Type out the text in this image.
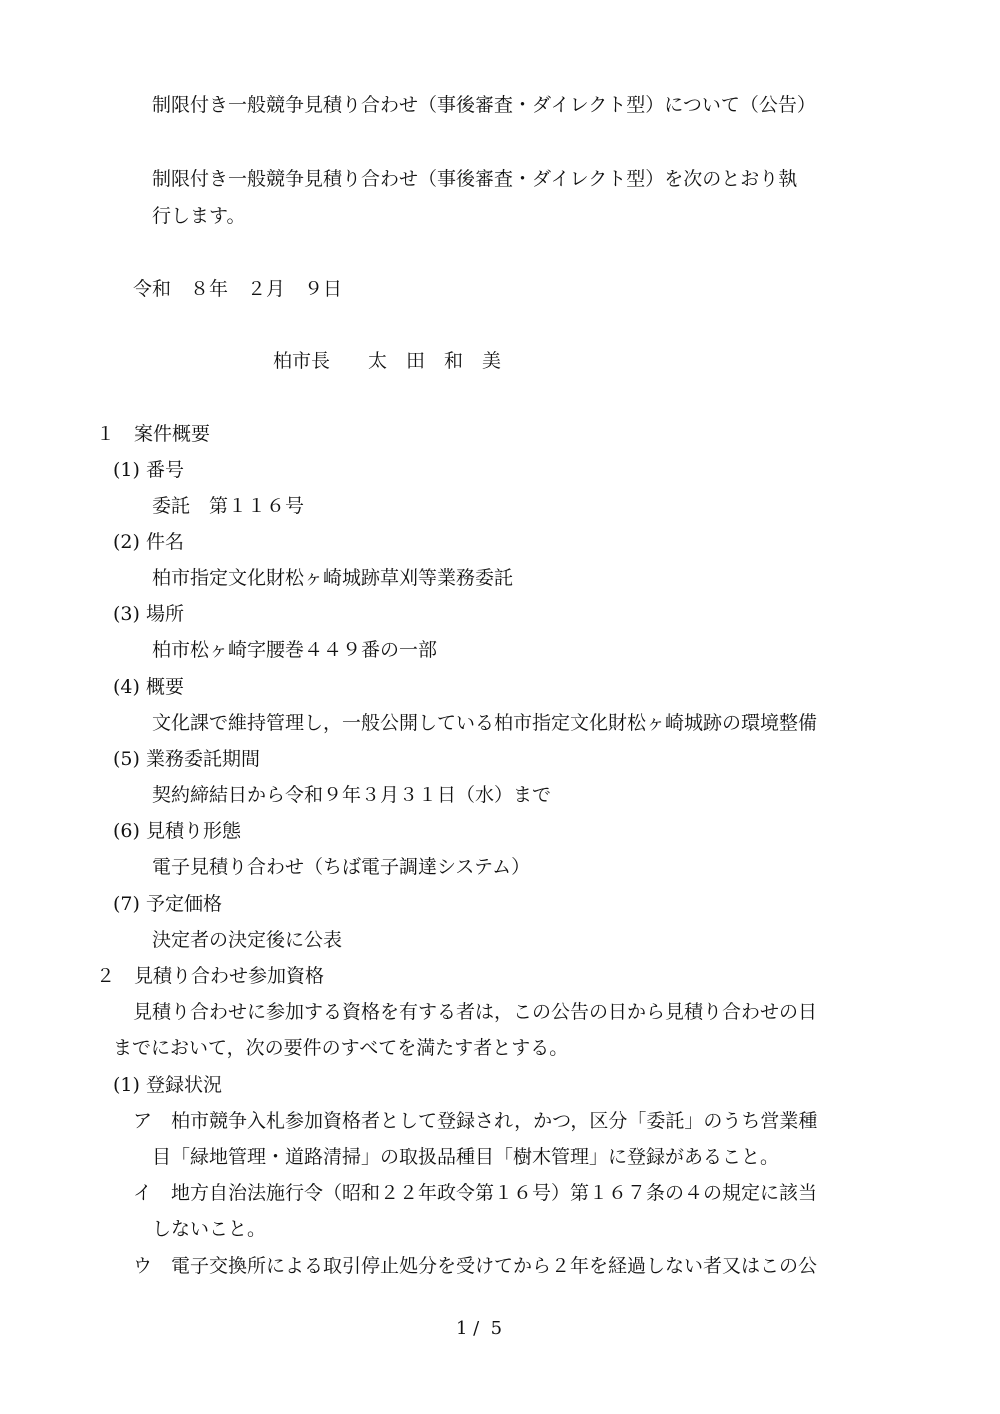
制限付き一般競争見積り合わせ（事後審査・ダイレクト型）について（公告）
制限付き一般競争見積り合わせ（事後審査・ダイレクト型）を次のとおり執
行します。
令和　８年　２月　９日
柏市長　　太　田　和　美
１　案件概要
(1) 番号
委託　第１１６号
(2) 件名
柏市指定文化財松ヶ崎城跡草刈等業務委託
(3) 場所
柏市松ヶ崎字腰巻４４９番の一部
(4) 概要
文化課で維持管理し，一般公開している柏市指定文化財松ヶ崎城跡の環境整備
(5) 業務委託期間
契約締結日から令和９年３月３１日（水）まで
(6) 見積り形態
電子見積り合わせ（ちば電子調達システム）
(7) 予定価格
決定者の決定後に公表
２　見積り合わせ参加資格
見積り合わせに参加する資格を有する者は，この公告の日から見積り合わせの日
までにおいて，次の要件のすべてを満たす者とする。
(1) 登録状況
ア　柏市競争入札参加資格者として登録され，かつ，区分「委託」のうち営業種
目「緑地管理・道路清掃」の取扱品種目「樹木管理」に登録があること。
イ　地方自治法施行令（昭和２２年政令第１６号）第１６７条の４の規定に該当
しないこと。
ウ　電子交換所による取引停止処分を受けてから２年を経過しない者又はこの公
1 /  5
